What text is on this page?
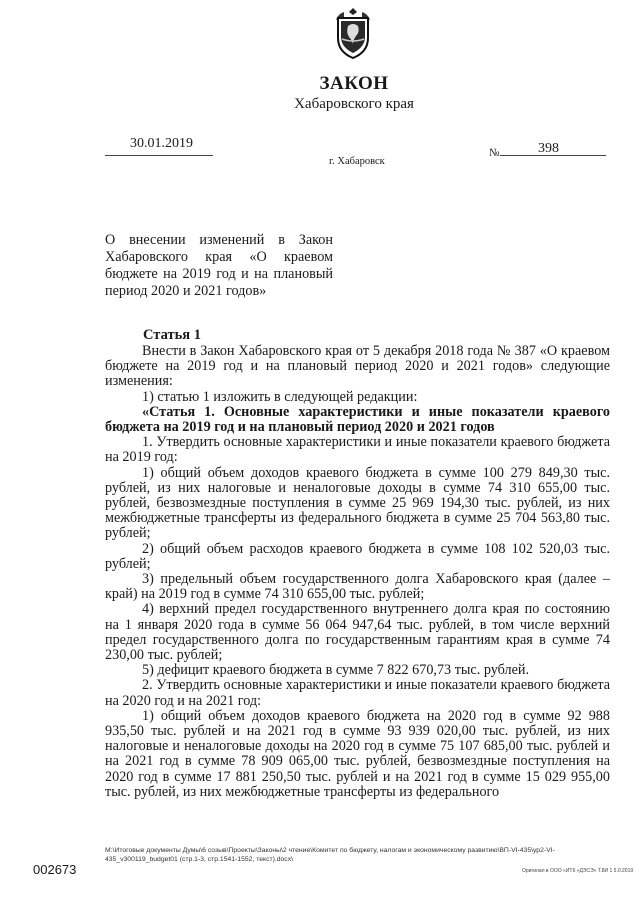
ЗАКОН
Хабаровского края
30.01.2019
г. Хабаровск
№	398
О внесении изменений в Закон Хабаровского края «О краевом бюджете на 2019 год и на плановый период 2020 и 2021 годов»
Статья 1

Внести в Закон Хабаровского края от 5 декабря 2018 года № 387 «О краевом бюджете на 2019 год и на плановый период 2020 и 2021 годов» следующие изменения:

1) статью 1 изложить в следующей редакции:

«Статья 1. Основные характеристики и иные показатели краевого бюджета на 2019 год и на плановый период 2020 и 2021 годов

1. Утвердить основные характеристики и иные показатели краевого бюджета на 2019 год:

1) общий объем доходов краевого бюджета в сумме 100 279 849,30 тыс. рублей, из них налоговые и неналоговые доходы в сумме 74 310 655,00 тыс. рублей, безвозмездные поступления в сумме 25 969 194,30 тыс. рублей, из них межбюджетные трансферты из федерального бюджета в сумме 25 704 563,80 тыс. рублей;

2) общий объем расходов краевого бюджета в сумме 108 102 520,03 тыс. рублей;

3) предельный объем государственного долга Хабаровского края (далее – край) на 2019 год в сумме 74 310 655,00 тыс. рублей;

4) верхний предел государственного внутреннего долга края по состоянию на 1 января 2020 года в сумме 56 064 947,64 тыс. рублей, в том числе верхний предел государственного долга по государственным гарантиям края в сумме 74 230,00 тыс. рублей;

5) дефицит краевого бюджета в сумме 7 822 670,73 тыс. рублей.

2. Утвердить основные характеристики и иные показатели краевого бюджета на 2020 год и на 2021 год:

1) общий объем доходов краевого бюджета на 2020 год в сумме 92 988 935,50 тыс. рублей и на 2021 год в сумме 93 939 020,00 тыс. рублей, из них налоговые и неналоговые доходы на 2020 год в сумме 75 107 685,00 тыс. рублей и на 2021 год в сумме 78 909 065,00 тыс. рублей, безвозмездные поступления на 2020 год в сумме 17 881 250,50 тыс. рублей и на 2021 год в сумме 15 029 955,00 тыс. рублей, из них межбюджетные трансферты из федерального

M:\Итоговые документы Думы\6 созыв\Проекты\Законы\2 чтение\Комитет по бюджету, налогам и экономическому развитию\ВП-VI-435\ур2-VI-435_v300119_budget01 (стр.1-3, стр.1541-1552, текст).docx\
Оригинал в ООО «ИТК «ДЭСЭ» Т.8И 1 5.0.2019
002673
